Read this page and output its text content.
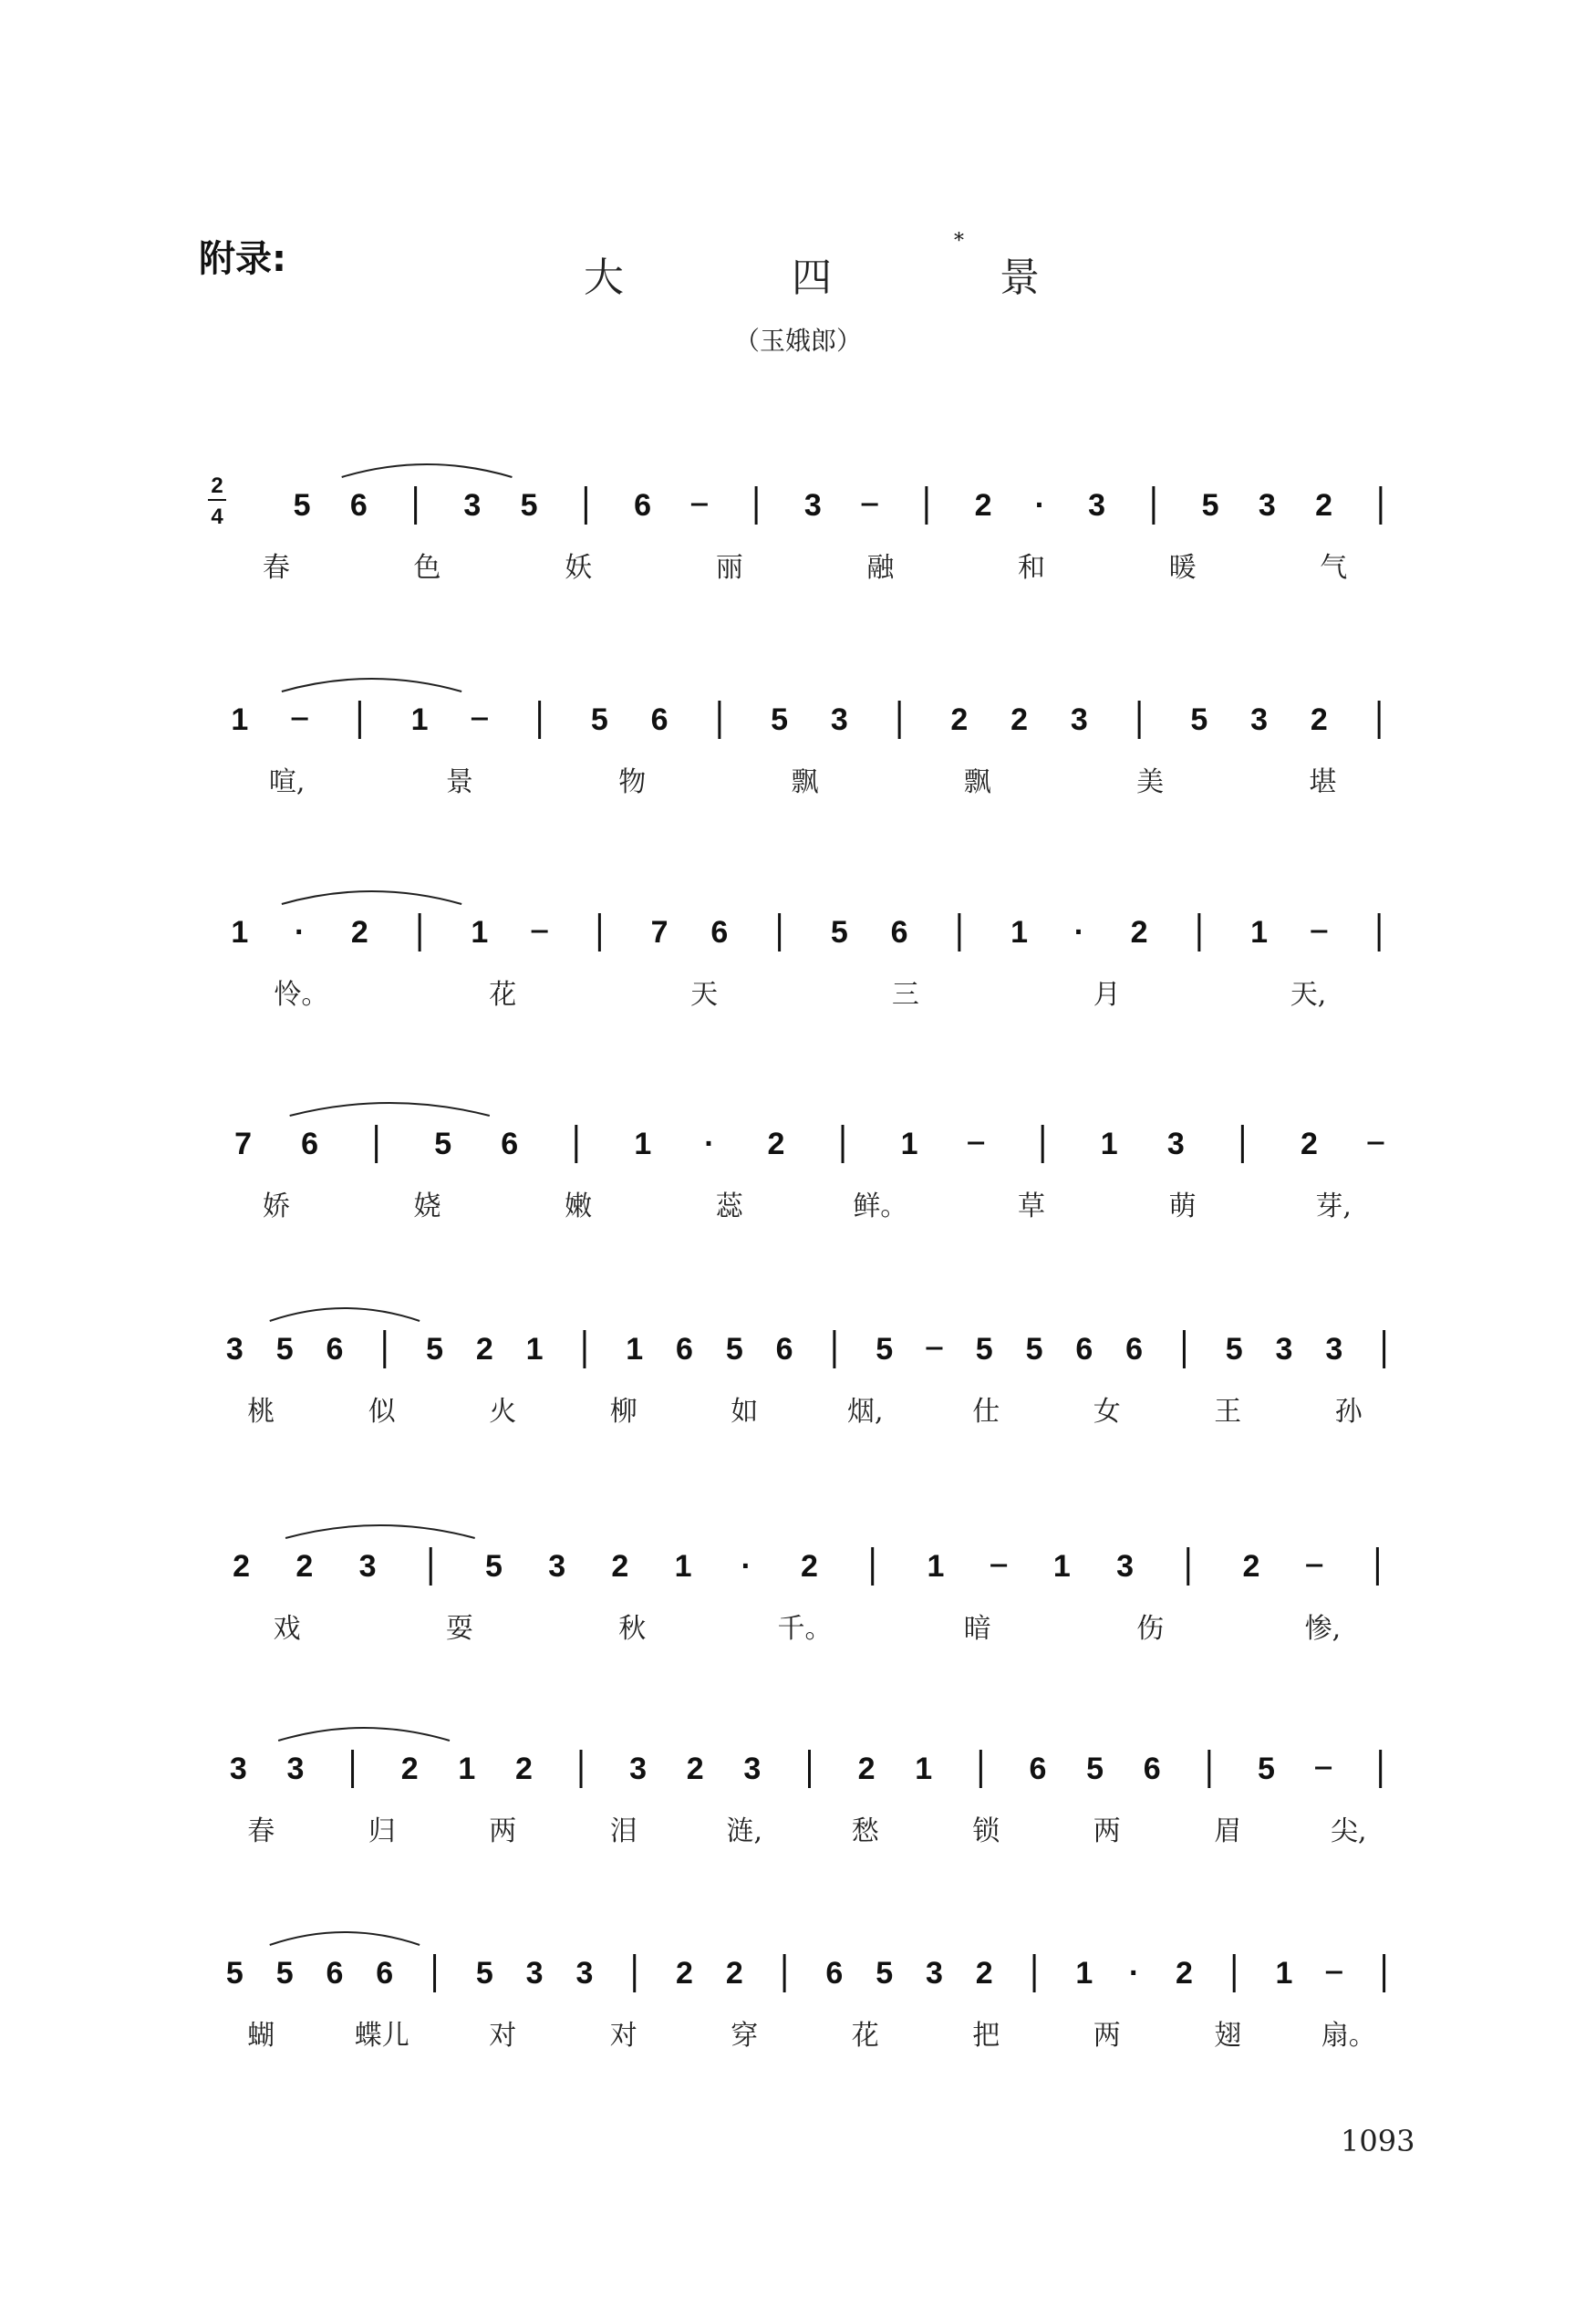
附录:	大	四	景
*
（玉娥郎）
2
4 5 6	3 5	6	3	2 · 3	5 3 2
春	色	妖	丽	融	和	暖	气
1	1	5 6	5 3	2 2 3	5 3 2
喧,	景	物	飘	飘	美	堪
1 · 2	1	7 6	5 6	1 · 2	1
怜。	花	天	三	月	天,
7 6	5 6	1 · 2	1	1 3	2
娇	娆	嫩	蕊	鲜。	草	萌	芽,
3 5 6	5 2 1	1 6 5 6	5	5 5 6 6	5 3 3
桃	似	火	柳	如	烟,	仕	女	王	孙
2 2 3	5 3 2 1 · 2	1	1 3	2
戏	耍	秋	千。	暗	伤	惨,
3 3	2 1 2	3 2 3	2 1	6 5 6	5
春	归	两	泪	涟,	愁	锁	两	眉	尖,
5 5 6 6	5 3 3	2 2	6 5 3 2	1 · 2	1
蝴	蝶儿	对	对	穿	花	把	两	翅	扇。
1093
